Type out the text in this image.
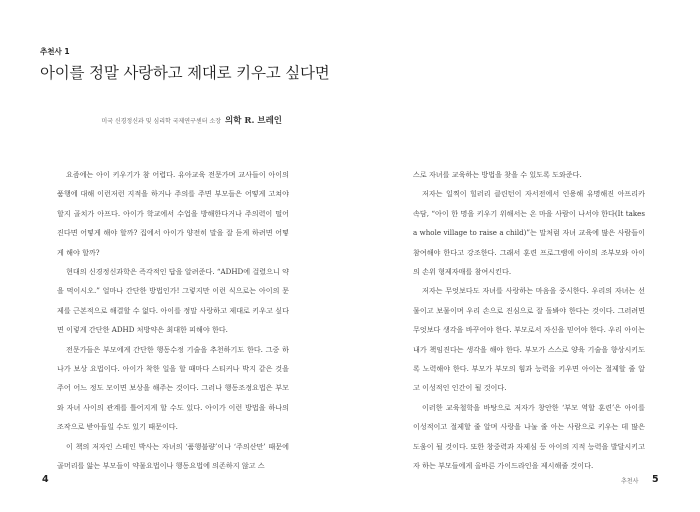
추천사 1
아이를 정말 사랑하고 제대로 키우고 싶다면
미국 신경정신과 및 심리학 국제연구센터 소장 의학 R. 브레인

요즘에는 아이 키우기가 참 어렵다. 유아교육 전문가며 교사들이 아이의 품행에 대해 이런저런 지적을 하거나 주의를 주면 부모들은 어떻게 고쳐야 할지 골치가 아프다. 아이가 학교에서 수업을 방해한다거나 주의력이 떨어진다면 어떻게 해야 할까? 집에서 아이가 양전히 말을 잘 듣게 하려면 어떻게 해야 할까?

현대의 신경정신과학은 즉각적인 답을 알려준다. “ADHD에 걸렸으니 약을 먹이시오.” 얼마나 간단한 방법인가! 그렇지만 이런 식으로는 아이의 문제를 근본적으로 해결할 수 없다. 아이를 정말 사랑하고 제대로 키우고 싶다면 이렇게 간단한 ADHD 처방약은 최대한 피해야 한다.

전문가들은 부모에게 간단한 행동수정 기술을 추천하기도 한다. 그중 하나가 보상 요법이다. 아이가 착한 일을 할 때마다 스티커나 박지 같은 것을 주어 어느 정도 모이면 보상을 해주는 것이다. 그러나 행동조정요법은 부모와 자녀 사이의 관계를 틀어지게 할 수도 있다. 아이가 이런 방법을 하나의 조작으로 받아들일 수도 있기 때문이다.

이 책의 저자인 스테인 박사는 자녀의 ‘품행불량’이나 ‘주의산만’ 때문에 골머리를 앓는 부모들이 약물요법이나 행동요법에 의존하지 않고 스

스로 자녀를 교육하는 방법을 찾을 수 있도록 도와준다.

저자는 일찍이 힐러리 클린턴이 자서전에서 인용해 유명해진 아프리카 속담, “아이 한 명을 키우기 위해서는 온 마을 사람이 나서야 한다(It takes a whole village to raise a child)”는 말처럼 자녀 교육에 많은 사람들이 참여해야 한다고 강조한다. 그래서 훈련 프로그램에 아이의 조부모와 아이의 손위 형제자매를 참여시킨다.

저자는 무엇보다도 자녀를 사랑하는 마음을 중시한다. 우리의 자녀는 선물이고 보물이며 우리 손으로 진심으로 잘 돌봐야 한다는 것이다. 그러려면 무엇보다 생각을 바꾸어야 한다. 부모로서 자신을 믿어야 한다. 우리 아이는 내가 책임진다는 생각을 해야 한다. 부모가 스스로 양육 기술을 향상시키도록 노력해야 한다. 부모가 부모의 힘과 능력을 키우면 아이는 절제할 줄 알고 이성적인 인간이 될 것이다.

이러한 교육철학을 바탕으로 저자가 창안한 ‘부모 역할 훈련’은 아이를 이성적이고 절제할 줄 알며 사랑을 나눌 줄 아는 사람으로 키우는 데 많은 도움이 될 것이다. 또한 창중력과 자제심 등 아이의 지적 능력을 발달시키고자 하는 부모들에게 올바른 가이드라인을 제시해줄 것이다.

4	추천사 5
